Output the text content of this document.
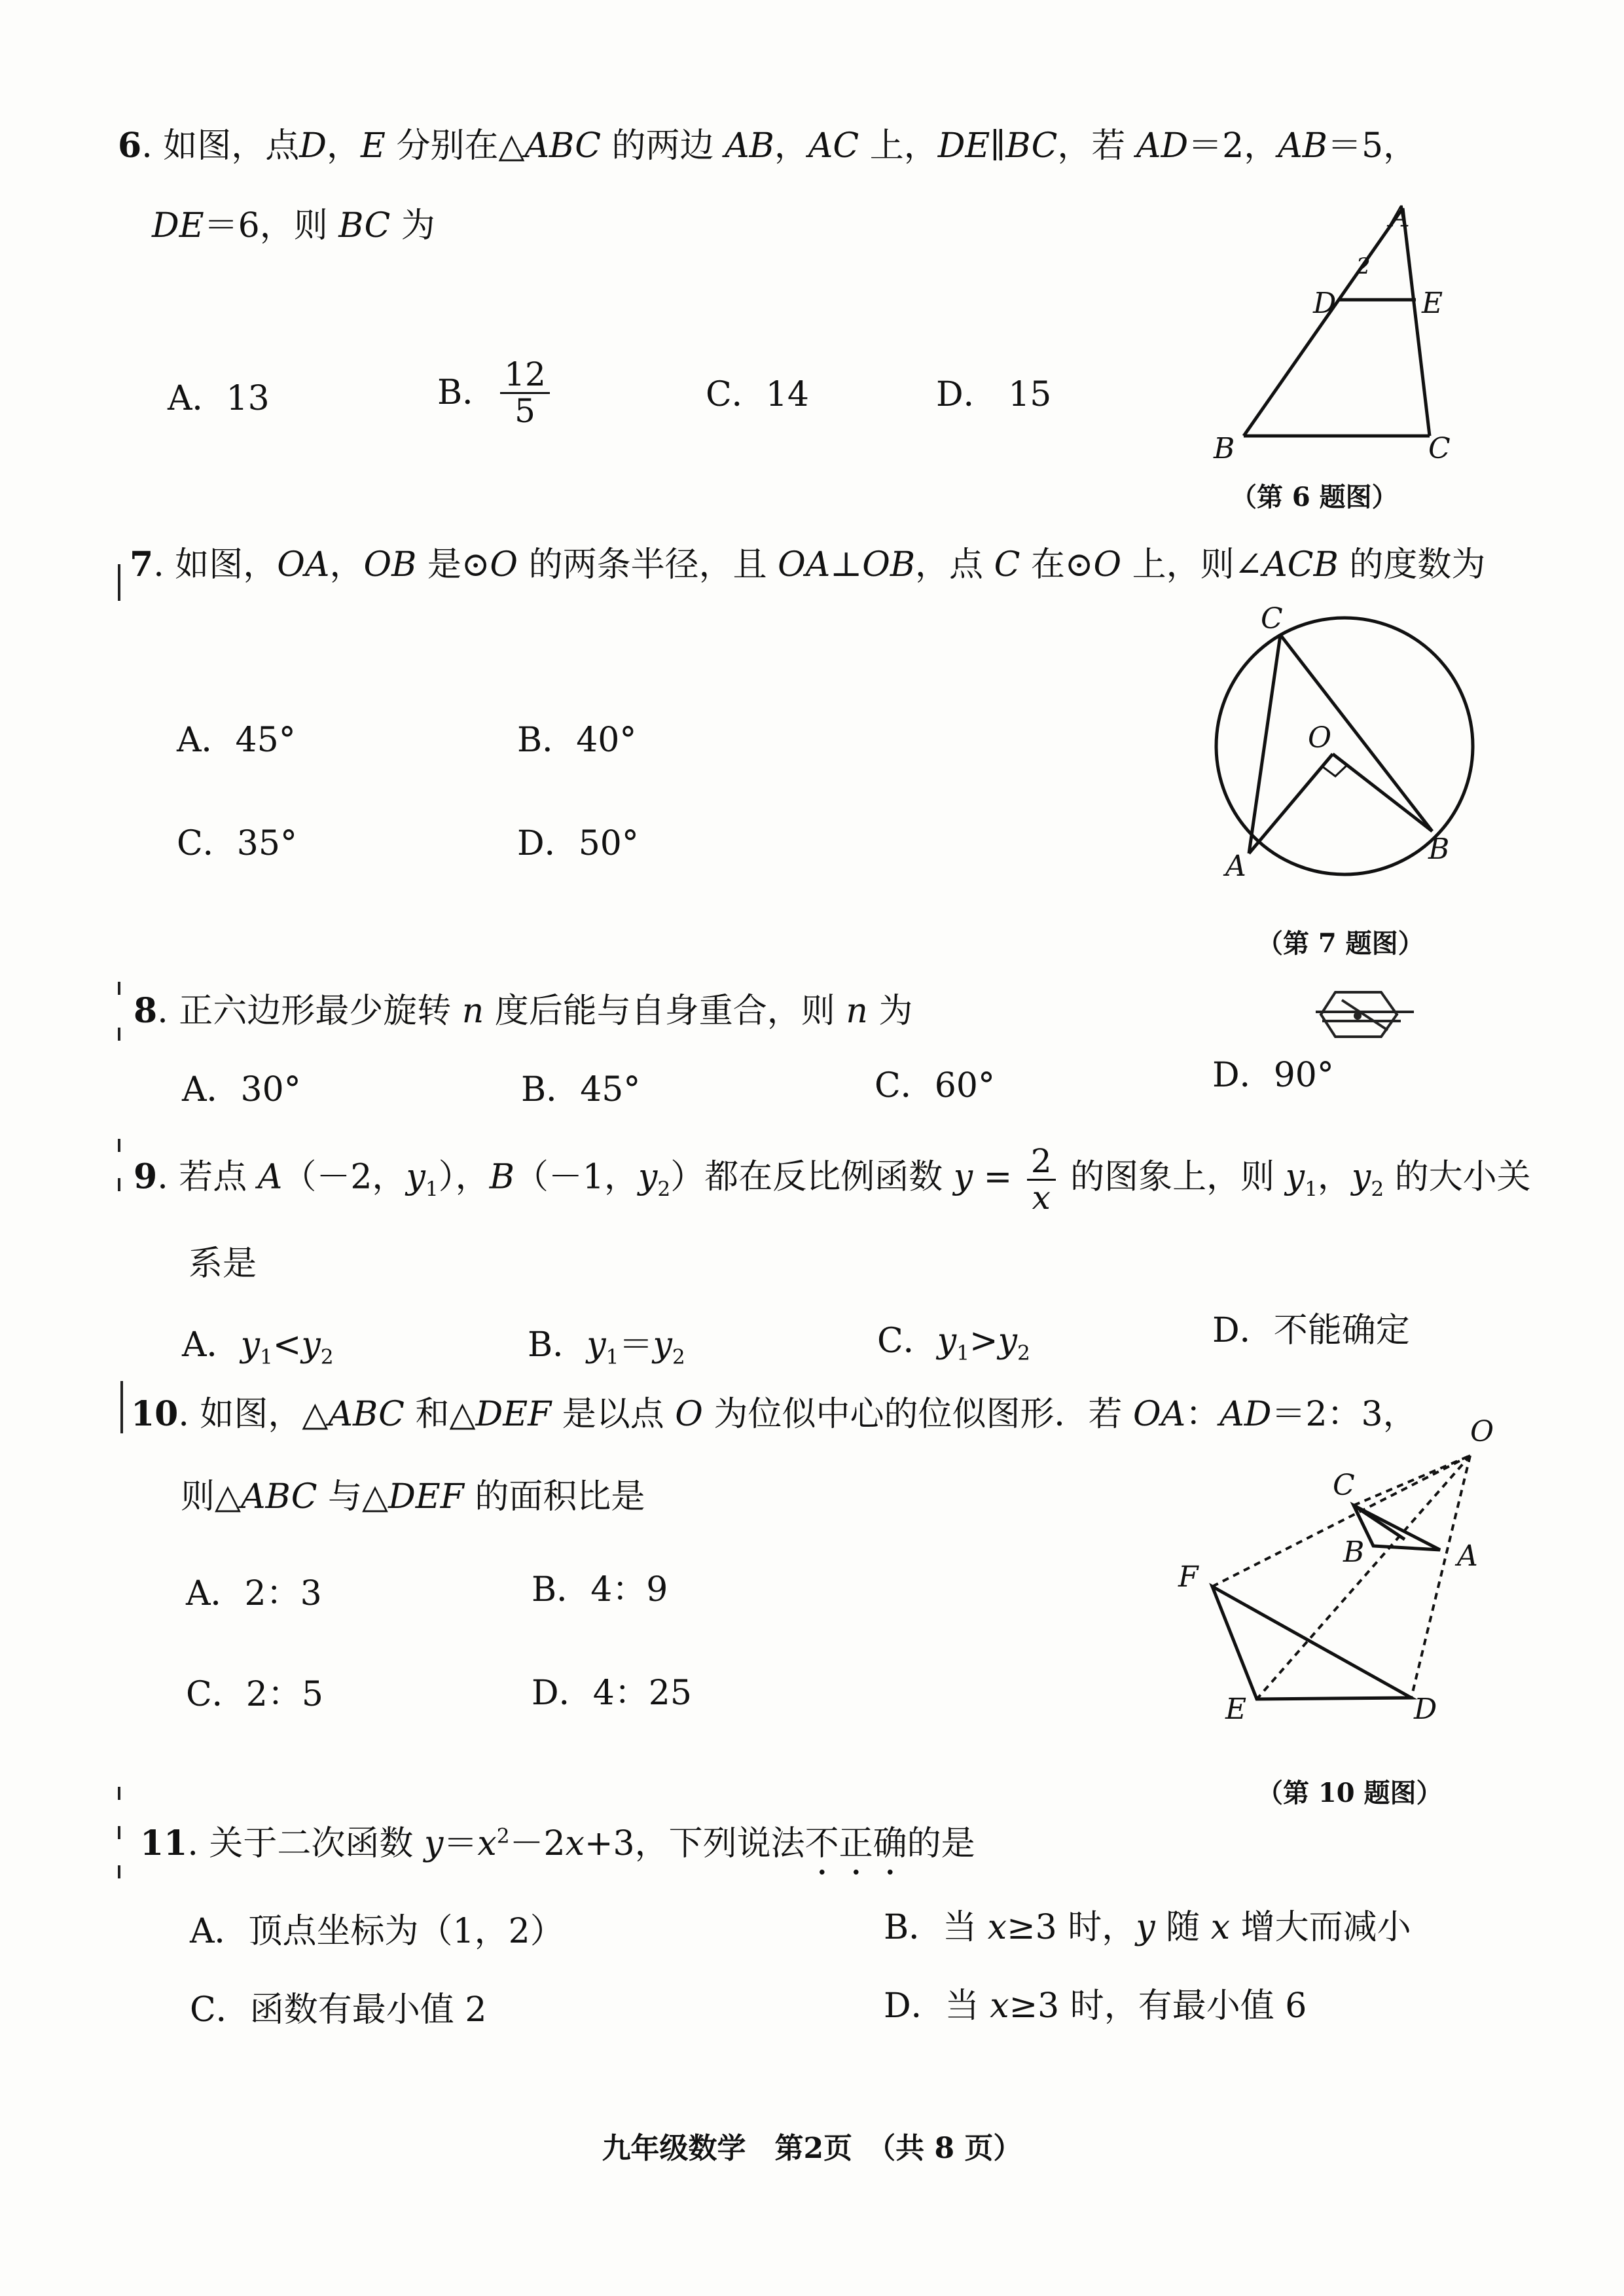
6. 如图，点D，E 分别在△ABC 的两边 AB，AC 上，DE∥BC，若 AD＝2，AB＝5，
DE＝6，则 BC 为
A．13	B． $\frac{12}{5}$	C．14	D． 15
A
B	C
D	E
2
（第 6 题图）
7. 如图，OA，OB 是⊙O 的两条半径，且 OA⊥OB，点 C 在⊙O 上，则∠ACB 的度数为
A．45°	B．40°
C．35°	D．50°
C
O
A
B
（第 7 题图）
8. 正六边形最少旋转 n 度后能与自身重合，则 n 为
A．30°	B．45°	C．60°	D．90°
9. 若点 A（－2，$y_1$），B（－1，$y_2$）都在反比例函数 $y = \frac{2}{x}$ 的图象上，则 $y_1$，$y_2$ 的大小关
系是
A．$y_1<y_2$	B．$y_1=y_2$	C．$y_1>y_2$
D．不能确定
10. 如图，△ABC 和△DEF 是以点 O 为位似中心的位似图形．若 OA：AD＝2：3，
则△ABC 与△DEF 的面积比是
A．2：3	B．4：9
C．2：5	D．4：25
C
O
B	A
F
E	D
（第 10 题图）
11. 关于二次函数 $y=x^2-2x+3$，下列说法不正确的是
A．顶点坐标为（1，2）	B．当 x≥3 时，y 随 x 增大而减小
C．函数有最小值 2	D．当 x≥3 时，有最小值 6
九年级数学　第2页　（共 8 页）
